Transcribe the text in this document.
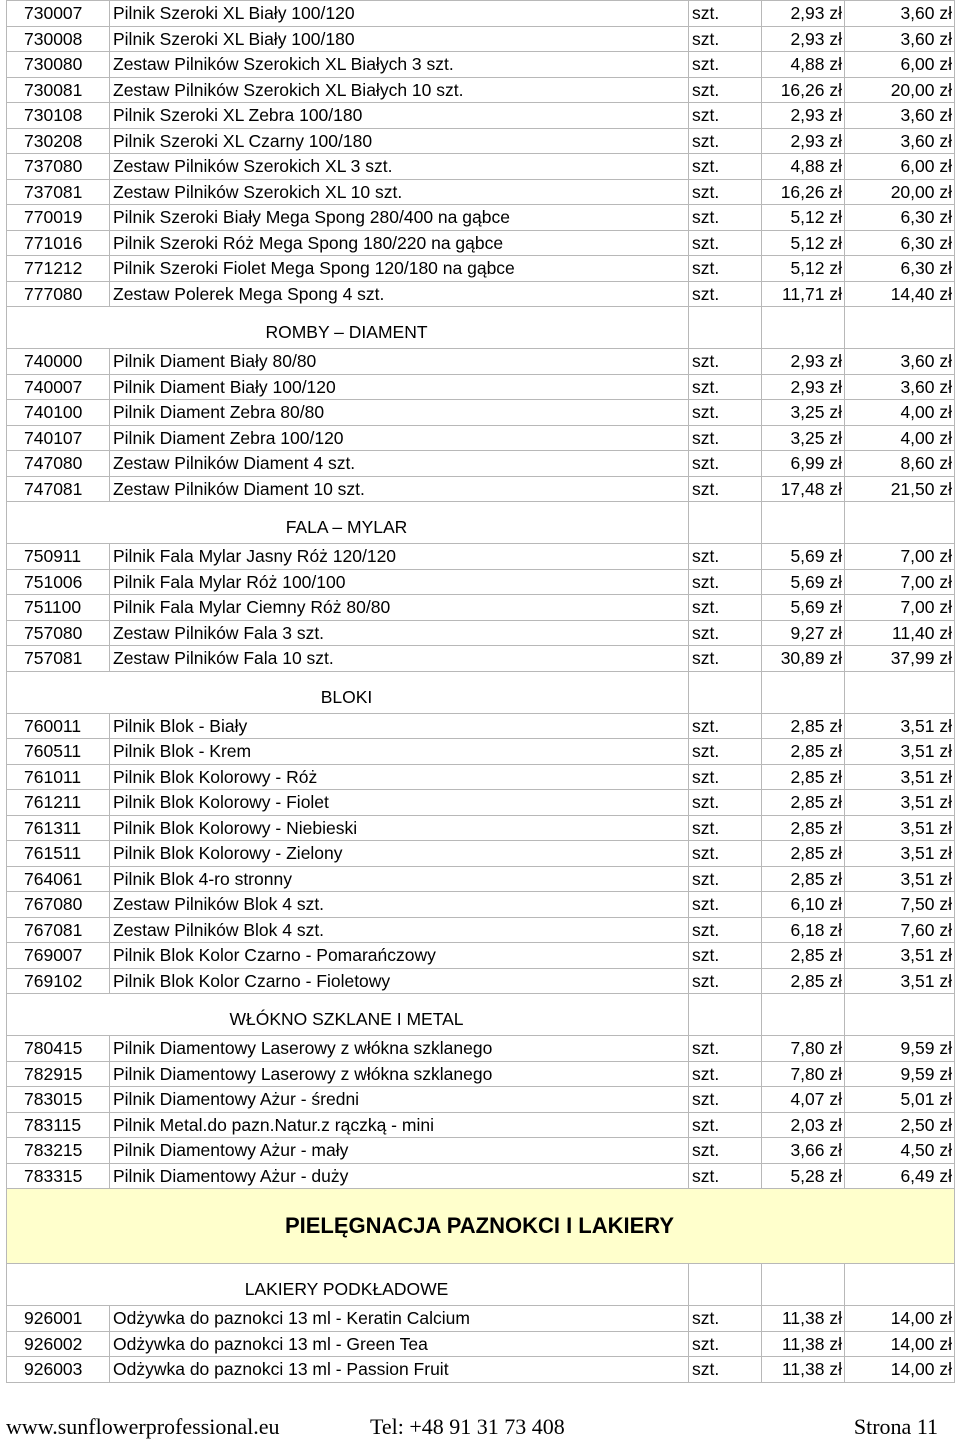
730007	Pilnik Szeroki XL Biały 100/120	szt.	2,93 zł	3,60 zł
730008	Pilnik Szeroki XL Biały 100/180	szt.	2,93 zł	3,60 zł
730080	Zestaw Pilników Szerokich XL Białych 3 szt.	szt.	4,88 zł	6,00 zł
730081	Zestaw Pilników Szerokich XL Białych 10 szt.	szt.	16,26 zł	20,00 zł
730108	Pilnik Szeroki XL Zebra 100/180	szt.	2,93 zł	3,60 zł
730208	Pilnik Szeroki XL Czarny 100/180	szt.	2,93 zł	3,60 zł
737080	Zestaw Pilników Szerokich XL 3 szt.	szt.	4,88 zł	6,00 zł
737081	Zestaw Pilników Szerokich XL 10 szt.	szt.	16,26 zł	20,00 zł
770019	Pilnik Szeroki Biały Mega Spong 280/400 na gąbce	szt.	5,12 zł	6,30 zł
771016	Pilnik Szeroki Róż Mega Spong 180/220 na gąbce	szt.	5,12 zł	6,30 zł
771212	Pilnik Szeroki Fiolet Mega Spong 120/180 na gąbce	szt.	5,12 zł	6,30 zł
777080	Zestaw Polerek Mega Spong 4 szt.	szt.	11,71 zł	14,40 zł
ROMBY – DIAMENT				
740000	Pilnik Diament Biały 80/80	szt.	2,93 zł	3,60 zł
740007	Pilnik Diament Biały 100/120	szt.	2,93 zł	3,60 zł
740100	Pilnik Diament Zebra 80/80	szt.	3,25 zł	4,00 zł
740107	Pilnik Diament Zebra 100/120	szt.	3,25 zł	4,00 zł
747080	Zestaw Pilników Diament 4 szt.	szt.	6,99 zł	8,60 zł
747081	Zestaw Pilników Diament 10 szt.	szt.	17,48 zł	21,50 zł
FALA – MYLAR				
750911	Pilnik Fala Mylar Jasny Róż 120/120	szt.	5,69 zł	7,00 zł
751006	Pilnik Fala Mylar Róż 100/100	szt.	5,69 zł	7,00 zł
751100	Pilnik Fala Mylar Ciemny Róż 80/80	szt.	5,69 zł	7,00 zł
757080	Zestaw Pilników Fala 3 szt.	szt.	9,27 zł	11,40 zł
757081	Zestaw Pilników Fala 10 szt.	szt.	30,89 zł	37,99 zł
BLOKI				
760011	Pilnik Blok - Biały	szt.	2,85 zł	3,51 zł
760511	Pilnik Blok - Krem	szt.	2,85 zł	3,51 zł
761011	Pilnik Blok Kolorowy - Róż	szt.	2,85 zł	3,51 zł
761211	Pilnik Blok Kolorowy - Fiolet	szt.	2,85 zł	3,51 zł
761311	Pilnik Blok Kolorowy - Niebieski	szt.	2,85 zł	3,51 zł
761511	Pilnik Blok Kolorowy - Zielony	szt.	2,85 zł	3,51 zł
764061	Pilnik Blok 4-ro stronny	szt.	2,85 zł	3,51 zł
767080	Zestaw Pilników Blok 4 szt.	szt.	6,10 zł	7,50 zł
767081	Zestaw Pilników Blok 4 szt.	szt.	6,18 zł	7,60 zł
769007	Pilnik Blok Kolor Czarno - Pomarańczowy	szt.	2,85 zł	3,51 zł
769102	Pilnik Blok Kolor Czarno - Fioletowy	szt.	2,85 zł	3,51 zł
WŁÓKNO SZKLANE I METAL				
780415	Pilnik Diamentowy Laserowy z włókna szklanego	szt.	7,80 zł	9,59 zł
782915	Pilnik Diamentowy Laserowy z włókna szklanego	szt.	7,80 zł	9,59 zł
783015	Pilnik Diamentowy Ażur - średni	szt.	4,07 zł	5,01 zł
783115	Pilnik Metal.do pazn.Natur.z rączką - mini	szt.	2,03 zł	2,50 zł
783215	Pilnik Diamentowy Ażur - mały	szt.	3,66 zł	4,50 zł
783315	Pilnik Diamentowy Ażur - duży	szt.	5,28 zł	6,49 zł
PIELĘGNACJA PAZNOKCI I LAKIERY				
LAKIERY PODKŁADOWE				
926001	Odżywka do paznokci 13 ml - Keratin Calcium	szt.	11,38 zł	14,00 zł
926002	Odżywka do paznokci 13 ml - Green Tea	szt.	11,38 zł	14,00 zł
926003	Odżywka do paznokci 13 ml - Passion Fruit	szt.	11,38 zł	14,00 zł
www.sunflowerprofessional.eu	Tel: +48 91 31 73 408	Strona 11
